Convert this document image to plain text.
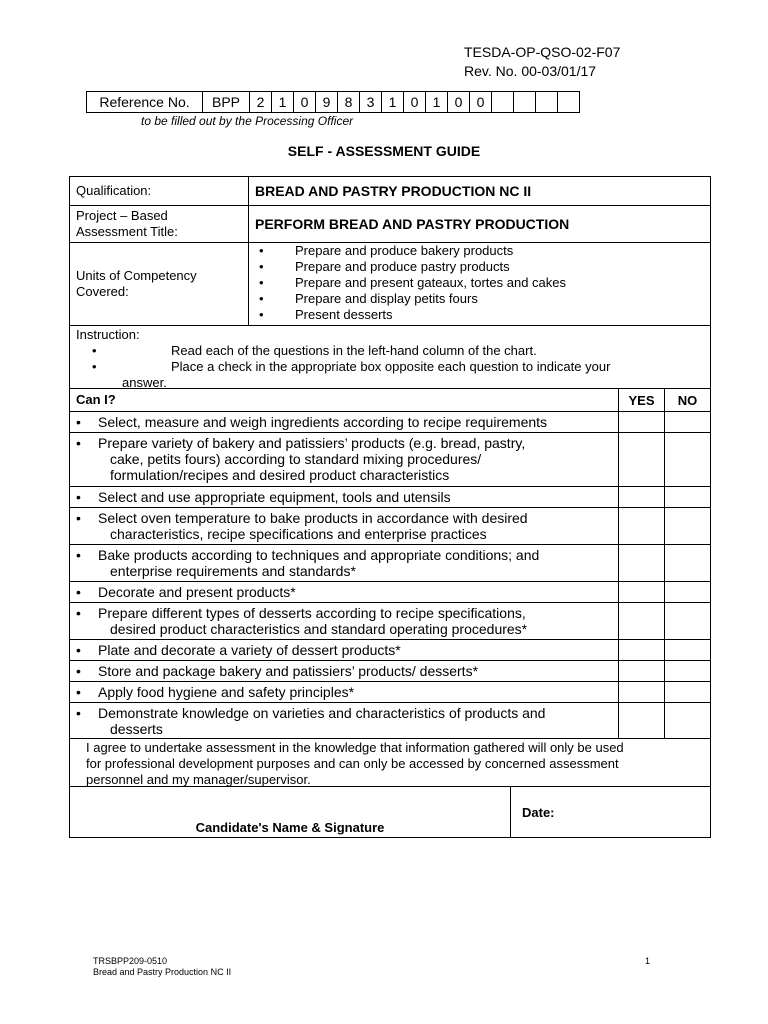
TESDA-OP-QSO-02-F07
Rev. No. 00-03/01/17
Reference No.	BPP	2	1	0	9	8	3	1	0	1	0	0				
to be filled out by the Processing Officer
SELF - ASSESSMENT GUIDE
Qualification:	BREAD AND PASTRY PRODUCTION NC II
Project – Based
Assessment Title:	PERFORM BREAD AND PASTRY PRODUCTION
Units of Competency
Covered:
•	Prepare and produce bakery products
•	Prepare and produce pastry products
•	Prepare and present gateaux, tortes and cakes
•	Prepare and display petits fours
•	Present desserts
Instruction:
•	Read each of the questions in the left-hand column of the chart.
•	Place a check in the appropriate box opposite each question to indicate your
answer.
Can I?	YES	NO
•	Select, measure and weigh ingredients according to recipe requirements
•	Prepare variety of bakery and patissiers’ products (e.g. bread, pastry,
cake, petits fours) according to standard mixing procedures/
formulation/recipes and desired product characteristics
•	Select and use appropriate equipment, tools and utensils
•	Select oven temperature to bake products in accordance with desired
characteristics, recipe specifications and enterprise practices
•	Bake products according to techniques and appropriate conditions; and
enterprise requirements and standards*
•	Decorate and present products*
•	Prepare different types of desserts according to recipe specifications,
desired product characteristics and standard operating procedures*
•	Plate and decorate a variety of dessert products*
•	Store and package bakery and patissiers’ products/ desserts*
•	Apply food hygiene and safety principles*
•	Demonstrate knowledge on varieties and characteristics of products and
desserts
I agree to undertake assessment in the knowledge that information gathered will only be used
for professional development purposes and can only be accessed by concerned assessment
personnel and my manager/supervisor.
Candidate's Name & Signature
Date:
TRSBPP209-0510
Bread and Pastry Production NC II
1
